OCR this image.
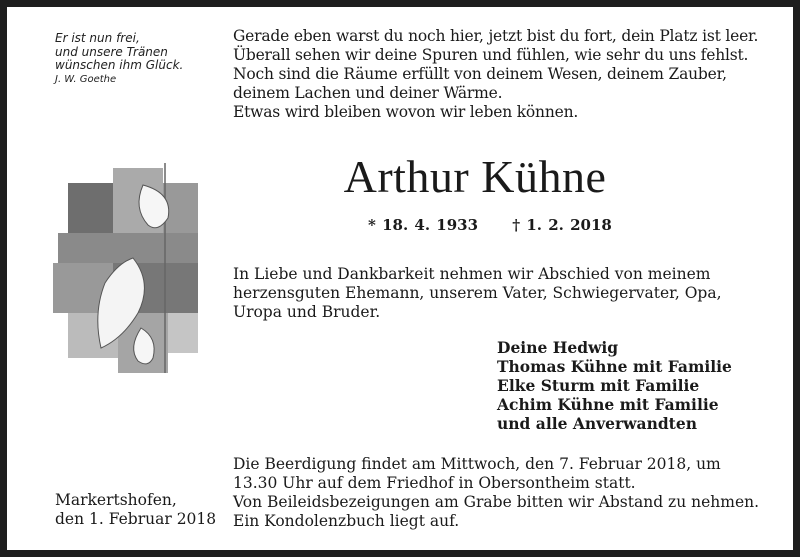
Er ist nun frei,
und unsere Tränen
wünschen ihm Glück.
J. W. Goethe
Gerade eben warst du noch hier, jetzt bist du fort, dein Platz ist leer.
Überall sehen wir deine Spuren und fühlen, wie sehr du uns fehlst.
Noch sind die Räume erfüllt von deinem Wesen, deinem Zauber,
deinem Lachen und deiner Wärme.
Etwas wird bleiben wovon wir leben können.
Arthur Kühne
* 18. 4. 1933 † 1. 2. 2018
In Liebe und Dankbarkeit nehmen wir Abschied von meinem
herzensguten Ehemann, unserem Vater, Schwiegervater, Opa,
Uropa und Bruder.
Deine Hedwig
Thomas Kühne mit Familie
Elke Sturm mit Familie
Achim Kühne mit Familie
und alle Anverwandten
Die Beerdigung findet am Mittwoch, den 7. Februar 2018, um
13.30 Uhr auf dem Friedhof in Obersontheim statt.
Von Beileidsbezeigungen am Grabe bitten wir Abstand zu nehmen.
Ein Kondolenzbuch liegt auf.
Markertshofen,
den 1. Februar 2018
